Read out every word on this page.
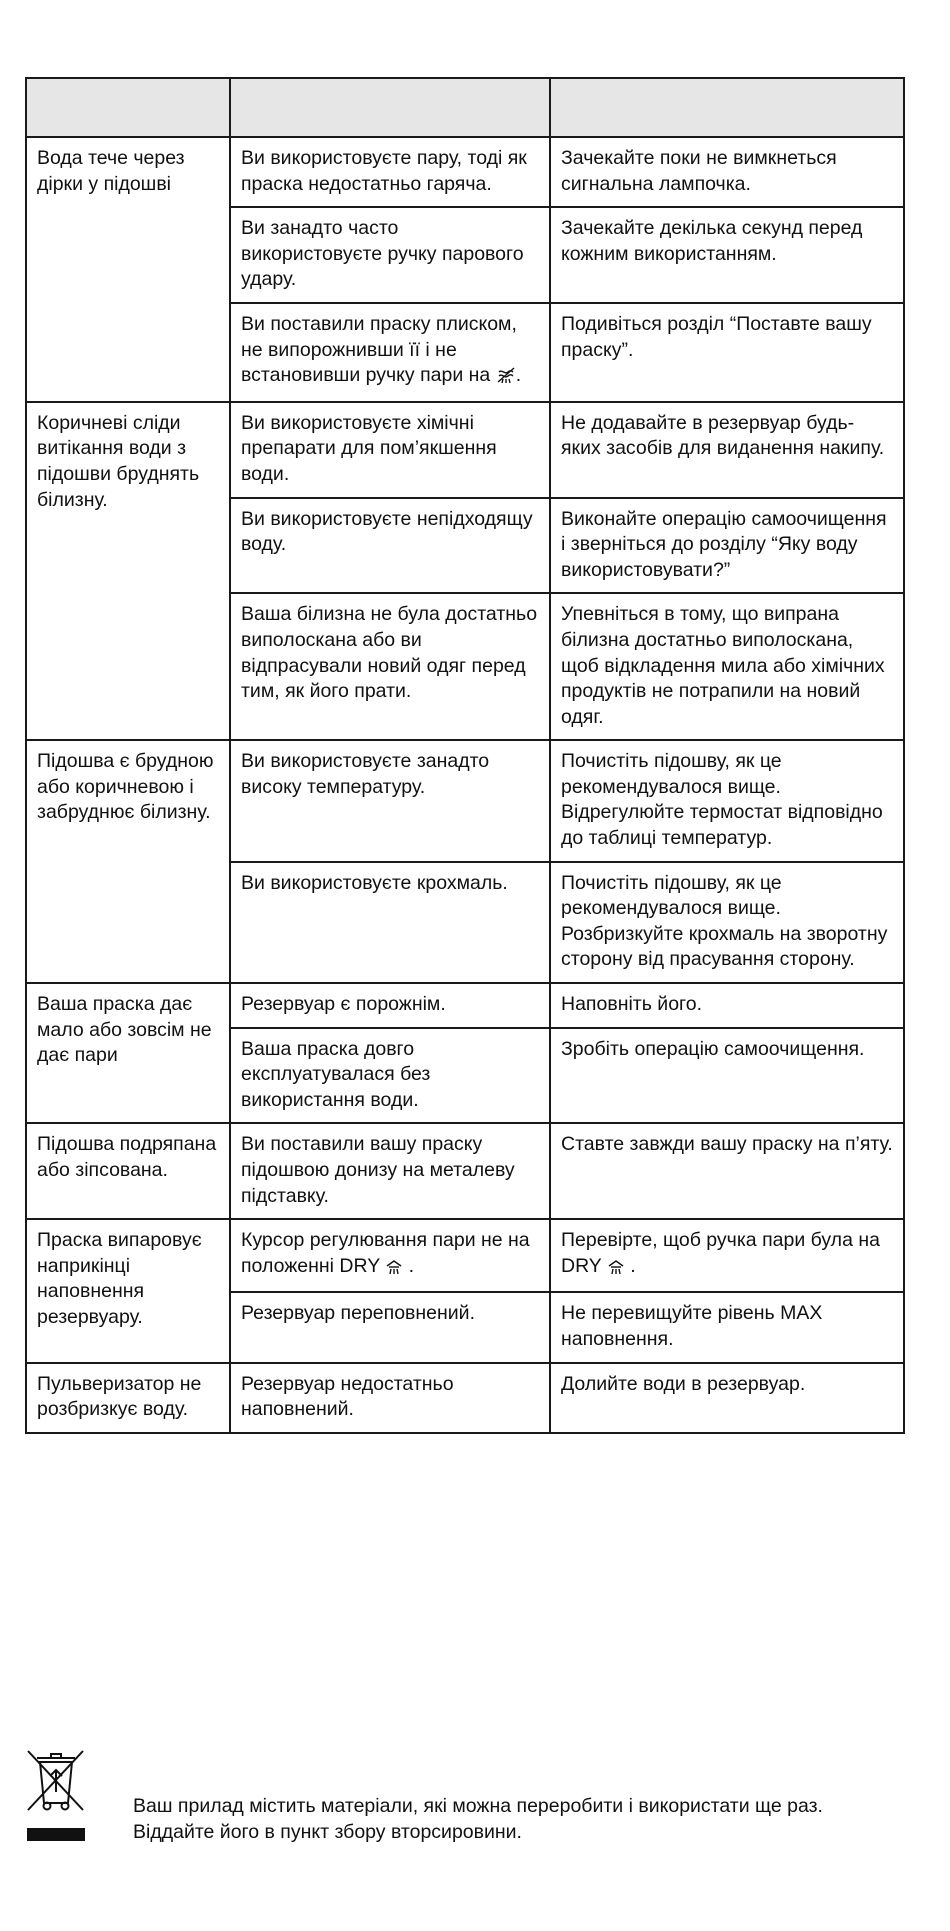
Вода тече через дірки у підошві	Ви використовуєте пару, тоді як праска недостатньо гаряча.	Зачекайте поки не вимкнеться сигнальна лампочка.
	Ви занадто часто використовуєте ручку парового удару.	Зачекайте декілька секунд перед кожним використанням.
	Ви поставили праску плиском, не випорожнивши її і не встановивши ручку пари на .	Подивіться розділ “Поставте вашу праску”.
Коричневі сліди витікання води з підошви бруднять білизну.	Ви використовуєте хімічні препарати для пом’якшення води.	Не додавайте в резервуар будь-яких засобів для виданення накипу.
	Ви використовуєте непідходящу воду.	Виконайте операцію самоочищення і зверніться до розділу “Яку воду використовувати?”
	Ваша білизна не була достатньо виполоскана або ви відпрасували новий одяг перед тим, як його прати.	Упевніться в тому, що випрана білизна достатньо виполоскана, щоб відкладення мила або хімічних продуктів не потрапили на новий одяг.
Підошва є брудною або коричневою і забруднює білизну.	Ви використовуєте занадто високу температуру.	Почистіть підошву, як це рекомендувалося вище. Відрегулюйте термостат відповідно до таблиці температур.
	Ви використовуєте крохмаль.	Почистіть підошву, як це рекомендувалося вище. Розбризкуйте крохмаль на зворотну сторону від прасування сторону.
Ваша праска дає мало або зовсім не дає пари	Резервуар є порожнім.	Наповніть його.
	Ваша праска довго експлуатувалася без використання води.	Зробіть операцію самоочищення.
Підошва подряпана або зіпсована.	Ви поставили вашу праску підошвою донизу на металеву підставку.	Ставте завжди вашу праску на п’яту.
Праска випаровує наприкінці наповнення резервуару.	Курсор регулювання пари не на положенні DRY  .	Перевірте, щоб ручка пари була на DRY  .
	Резервуар переповнений.	Не перевищуйте рівень MAX наповнення.
Пульверизатор не розбризкує воду.	Резервуар недостатньо наповнений.	Долийте води в резервуар.
Ваш прилад містить матеріали, які можна переробити і використати ще раз.
Віддайте його в пункт збору вторсировини.
